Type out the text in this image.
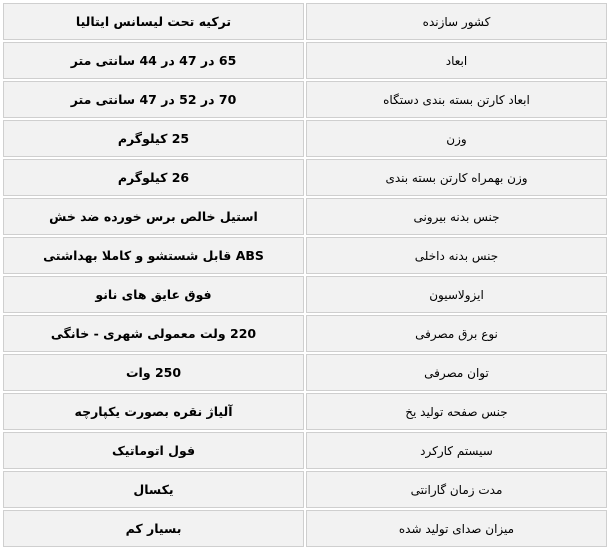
ترکیه تحت لیسانس ایتالیا	کشور سازنده
65 در 47 در 44 سانتی متر	ابعاد
70 در 52 در 47 سانتی متر	ابعاد کارتن بسته بندی دستگاه
25 کیلوگرم	وزن
26 کیلوگرم	وزن بهمراه کارتن بسته بندی
استیل خالص برس خورده ضد خش	جنس بدنه بیرونی
ABS قابل شستشو و کاملا بهداشتی	جنس بدنه داخلی
فوق عایق های نانو	ایزولاسیون
220 ولت معمولی شهری - خانگی	نوع برق مصرفی
250 وات	توان مصرفی
آلیاژ نقره بصورت یکپارچه	جنس صفحه تولید یخ
فول اتوماتیک	سیستم کارکرد
یکسال	مدت زمان گارانتی
بسیار کم	میزان صدای تولید شده
